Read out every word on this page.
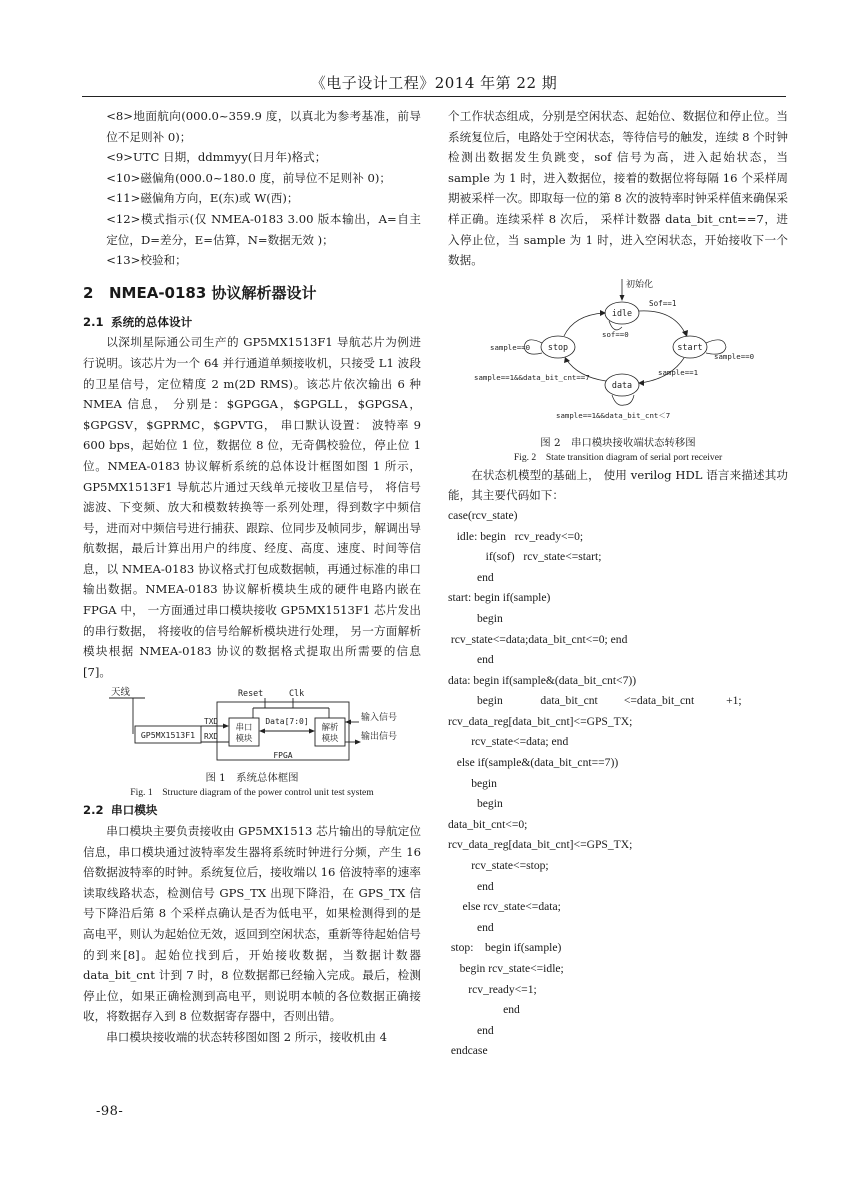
《电子设计工程》2014 年第 22 期

<8>地面航向(000.0~359.9 度，以真北为参考基准，前导位不足则补 0)；

<9>UTC 日期，ddmmyy(日月年)格式；

<10>磁偏角(000.0~180.0 度，前导位不足则补 0)；

<11>磁偏角方向，E(东)或 W(西)；

<12>模式指示(仅 NMEA-0183 3.00 版本输出，A=自主定位，D=差分，E=估算，N=数据无效 )；

<13>校验和；

2 NMEA-0183 协议解析器设计
2.1 系统的总体设计

以深圳星际通公司生产的 GP5MX1513F1 导航芯片为例进行说明。该芯片为一个 64 并行通道单频接收机，只接受 L1 波段的卫星信号，定位精度 2 m(2D RMS)。该芯片依次输出 6 种 NMEA 信息， 分别是：$GPGGA，$GPGLL，$GPGSA，$GPGSV，$GPRMC，$GPVTG， 串口默认设置： 波特率 9 600 bps，起始位 1 位，数据位 8 位，无奇偶校验位，停止位 1 位。NMEA-0183 协议解析系统的总体设计框图如图 1 所示，GP5MX1513F1 导航芯片通过天线单元接收卫星信号， 将信号滤波、下变频、放大和模数转换等一系列处理，得到数字中频信号，进而对中频信号进行捕获、跟踪、位同步及帧同步，解调出导航数据，最后计算出用户的纬度、经度、高度、速度、时间等信息，以 NMEA-0183 协议格式打包成数据帧，再通过标准的串口输出数据。NMEA-0183 协议解析模块生成的硬件电路内嵌在 FPGA 中， 一方面通过串口模块接收 GP5MX1513F1 芯片发出的串行数据， 将接收的信号给解析模块进行处理， 另一方面解析模块根据 NMEA-0183 协议的数据格式提取出所需要的信息[7]。

天线
GP5MX1513F1
FPGA
Reset	Clk
串口
模块
解析
模块
Data[7:0]
TXD
RXD
输入信号
输出信号
图 1　系统总体框图
Fig. 1　Structure diagram of the power control unit test system
2.2 串口模块

串口模块主要负责接收由 GP5MX1513 芯片输出的导航定位信息，串口模块通过波特率发生器将系统时钟进行分频，产生 16 倍数据波特率的时钟。系统复位后，接收端以 16 倍波特率的速率读取线路状态，检测信号 GPS_TX 出现下降沿，在 GPS_TX 信号下降沿后第 8 个采样点确认是否为低电平，如果检测得到的是高电平，则认为起始位无效，返回到空闲状态，重新等待起始信号的到来[8]。起始位找到后，开始接收数据，当数据计数器 data_bit_cnt 计到 7 时，8 位数据都已经输入完成。最后，检测停止位，如果正确检测到高电平，则说明本帧的各位数据正确接收，将数据存入到 8 位数据寄存器中，否则出错。

串口模块接收端的状态转移图如图 2 所示，接收机由 4

个工作状态组成，分别是空闲状态、起始位、数据位和停止位。当系统复位后，电路处于空闲状态，等待信号的触发，连续 8 个时钟检测出数据发生负跳变，sof 信号为高，进入起始状态，当 sample 为 1 时，进入数据位，接着的数据位将每隔 16 个采样周期被采样一次。即取每一位的第 8 次的波特率时钟采样值来确保采样正确。连续采样 8 次后， 采样计数器 data_bit_cnt==7，进入停止位，当 sample 为 1 时，进入空闲状态，开始接收下一个数据。

初始化
idle
sof==0
Sof==1
start
sample==0
sample==1
data
sample==1&&data_bit_cnt＜7
sample==1&&data_bit_cnt==7
stop
sample==0
图 2　串口模块接收端状态转移图
Fig. 2　State transition diagram of serial port receiver

在状态机模型的基础上， 使用 verilog HDL 语言来描述其功能，其主要代码如下：

case(rcv_state)

idle: begin   rcv_ready<=0;

if(sof)   rcv_state<=start;

end

start: begin if(sample)

begin

rcv_state<=data;data_bit_cnt<=0; end

end

data: begin if(sample&(data_bit_cnt<7))

begin             data_bit_cnt         <=data_bit_cnt           +1;

rcv_data_reg[data_bit_cnt]<=GPS_TX;

rcv_state<=data; end

else if(sample&(data_bit_cnt==7))

begin

begin

data_bit_cnt<=0;

rcv_data_reg[data_bit_cnt]<=GPS_TX;

rcv_state<=stop;

end

else rcv_state<=data;

end

stop:    begin if(sample)

begin rcv_state<=idle;

rcv_ready<=1;

end

end

endcase

-98-
